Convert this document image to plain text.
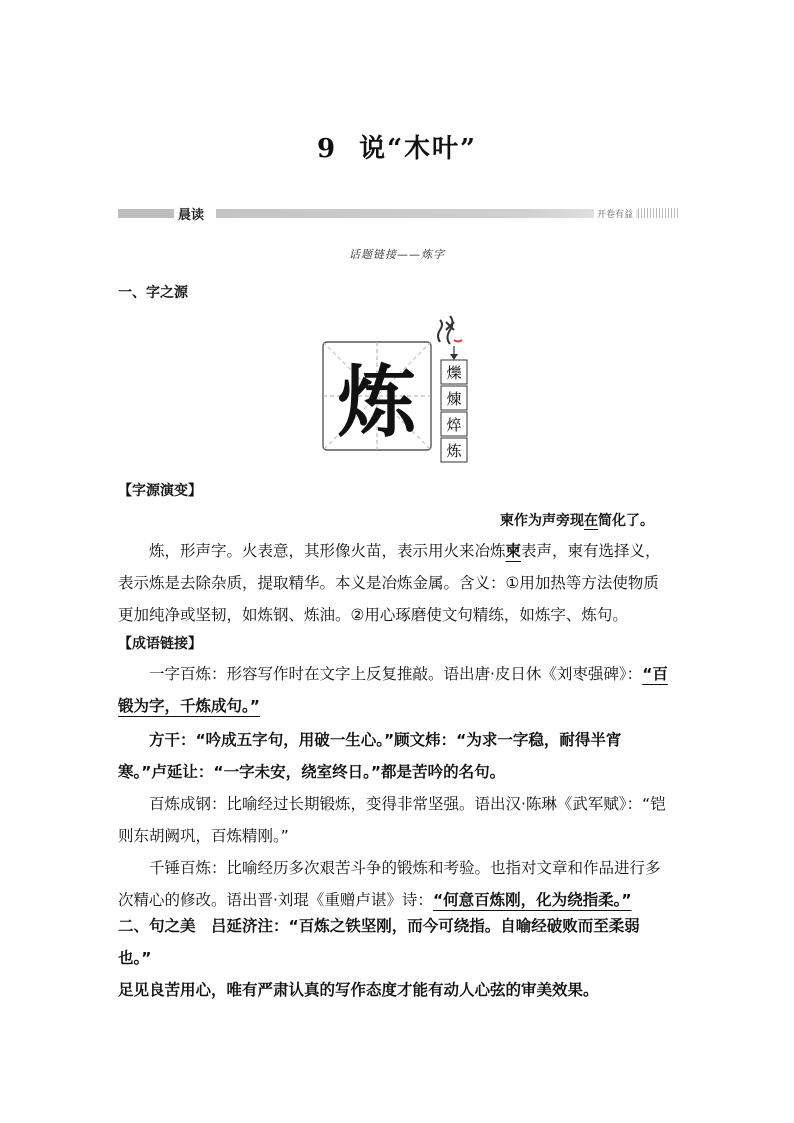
9 说“木叶”
晨读	开卷有益
话题链接——炼字
一、字之源
炼 爍
煉
焠
炼
【字源演变】
柬作为声旁现在简化了。
炼，形声字。火表意，其形像火苗，表示用火来冶炼柬表声，柬有选择义，
表示炼是去除杂质，提取精华。本义是冶炼金属。含义：①用加热等方法使物质
更加纯净或坚韧，如炼钢、炼油。②用心琢磨使文句精练，如炼字、炼句。
【成语链接】
一字百炼：形容写作时在文字上反复推敲。语出唐·皮日休《刘枣强碑》：“百
锻为字，千炼成句。”
方干：“吟成五字句，用破一生心。”顾文炜：“为求一字稳，耐得半宵
寒。”卢延让：“一字未安，绕室终日。”都是苦吟的名句。
百炼成钢：比喻经过长期锻炼，变得非常坚强。语出汉·陈琳《武军赋》：“铠
则东胡阙巩，百炼精刚。”
千锤百炼：比喻经历多次艰苦斗争的锻炼和考验。也指对文章和作品进行多
次精心的修改。语出晋·刘琨《重赠卢谌》诗：“何意百炼刚，化为绕指柔。”
二、句之美　吕延济注：“百炼之铁坚刚，而今可绕指。自喻经破败而至柔弱
也。”
足见良苦用心，唯有严肃认真的写作态度才能有动人心弦的审美效果。
